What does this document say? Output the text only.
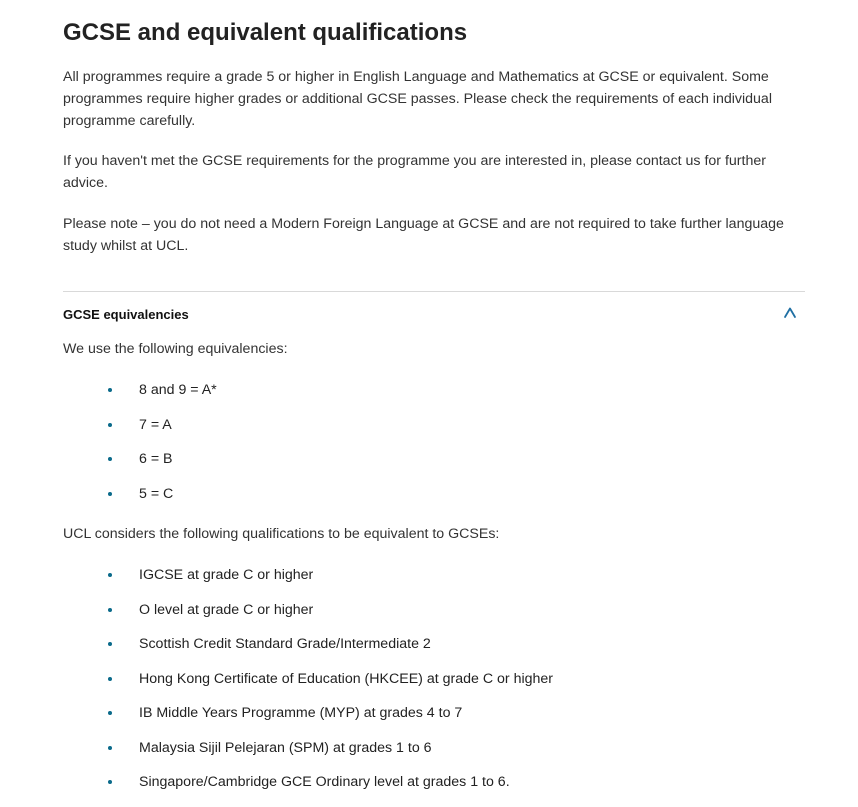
GCSE and equivalent qualifications

All programmes require a grade 5 or higher in English Language and Mathematics at GCSE or equivalent. Some programmes require higher grades or additional GCSE passes. Please check the requirements of each individual programme carefully.

If you haven't met the GCSE requirements for the programme you are interested in, please contact us for further advice.

Please note – you do not need a Modern Foreign Language at GCSE and are not required to take further language study whilst at UCL.

GCSE equivalencies
We use the following equivalencies:
8 and 9 = A*
7 = A
6 = B
5 = C
UCL considers the following qualifications to be equivalent to GCSEs:
IGCSE at grade C or higher
O level at grade C or higher
Scottish Credit Standard Grade/Intermediate 2
Hong Kong Certificate of Education (HKCEE) at grade C or higher
IB Middle Years Programme (MYP) at grades 4 to 7
Malaysia Sijil Pelejaran (SPM) at grades 1 to 6
Singapore/Cambridge GCE Ordinary level at grades 1 to 6.
